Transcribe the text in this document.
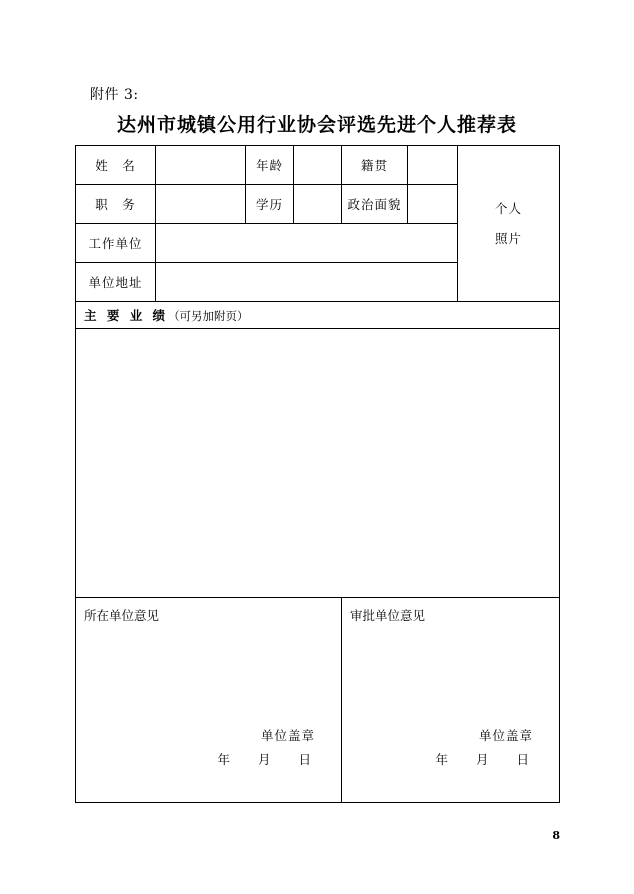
附件 3:
达州市城镇公用行业协会评选先进个人推荐表
姓　名		年龄		籍贯		个人
照片

职　务		学历		政治面貌		
工作单位						
单位地址						
主 要 业 绩（可另加附页）						

所在单位意见
单位盖章
年 月 日

审批单位意见
单位盖章
年 月 日
8
